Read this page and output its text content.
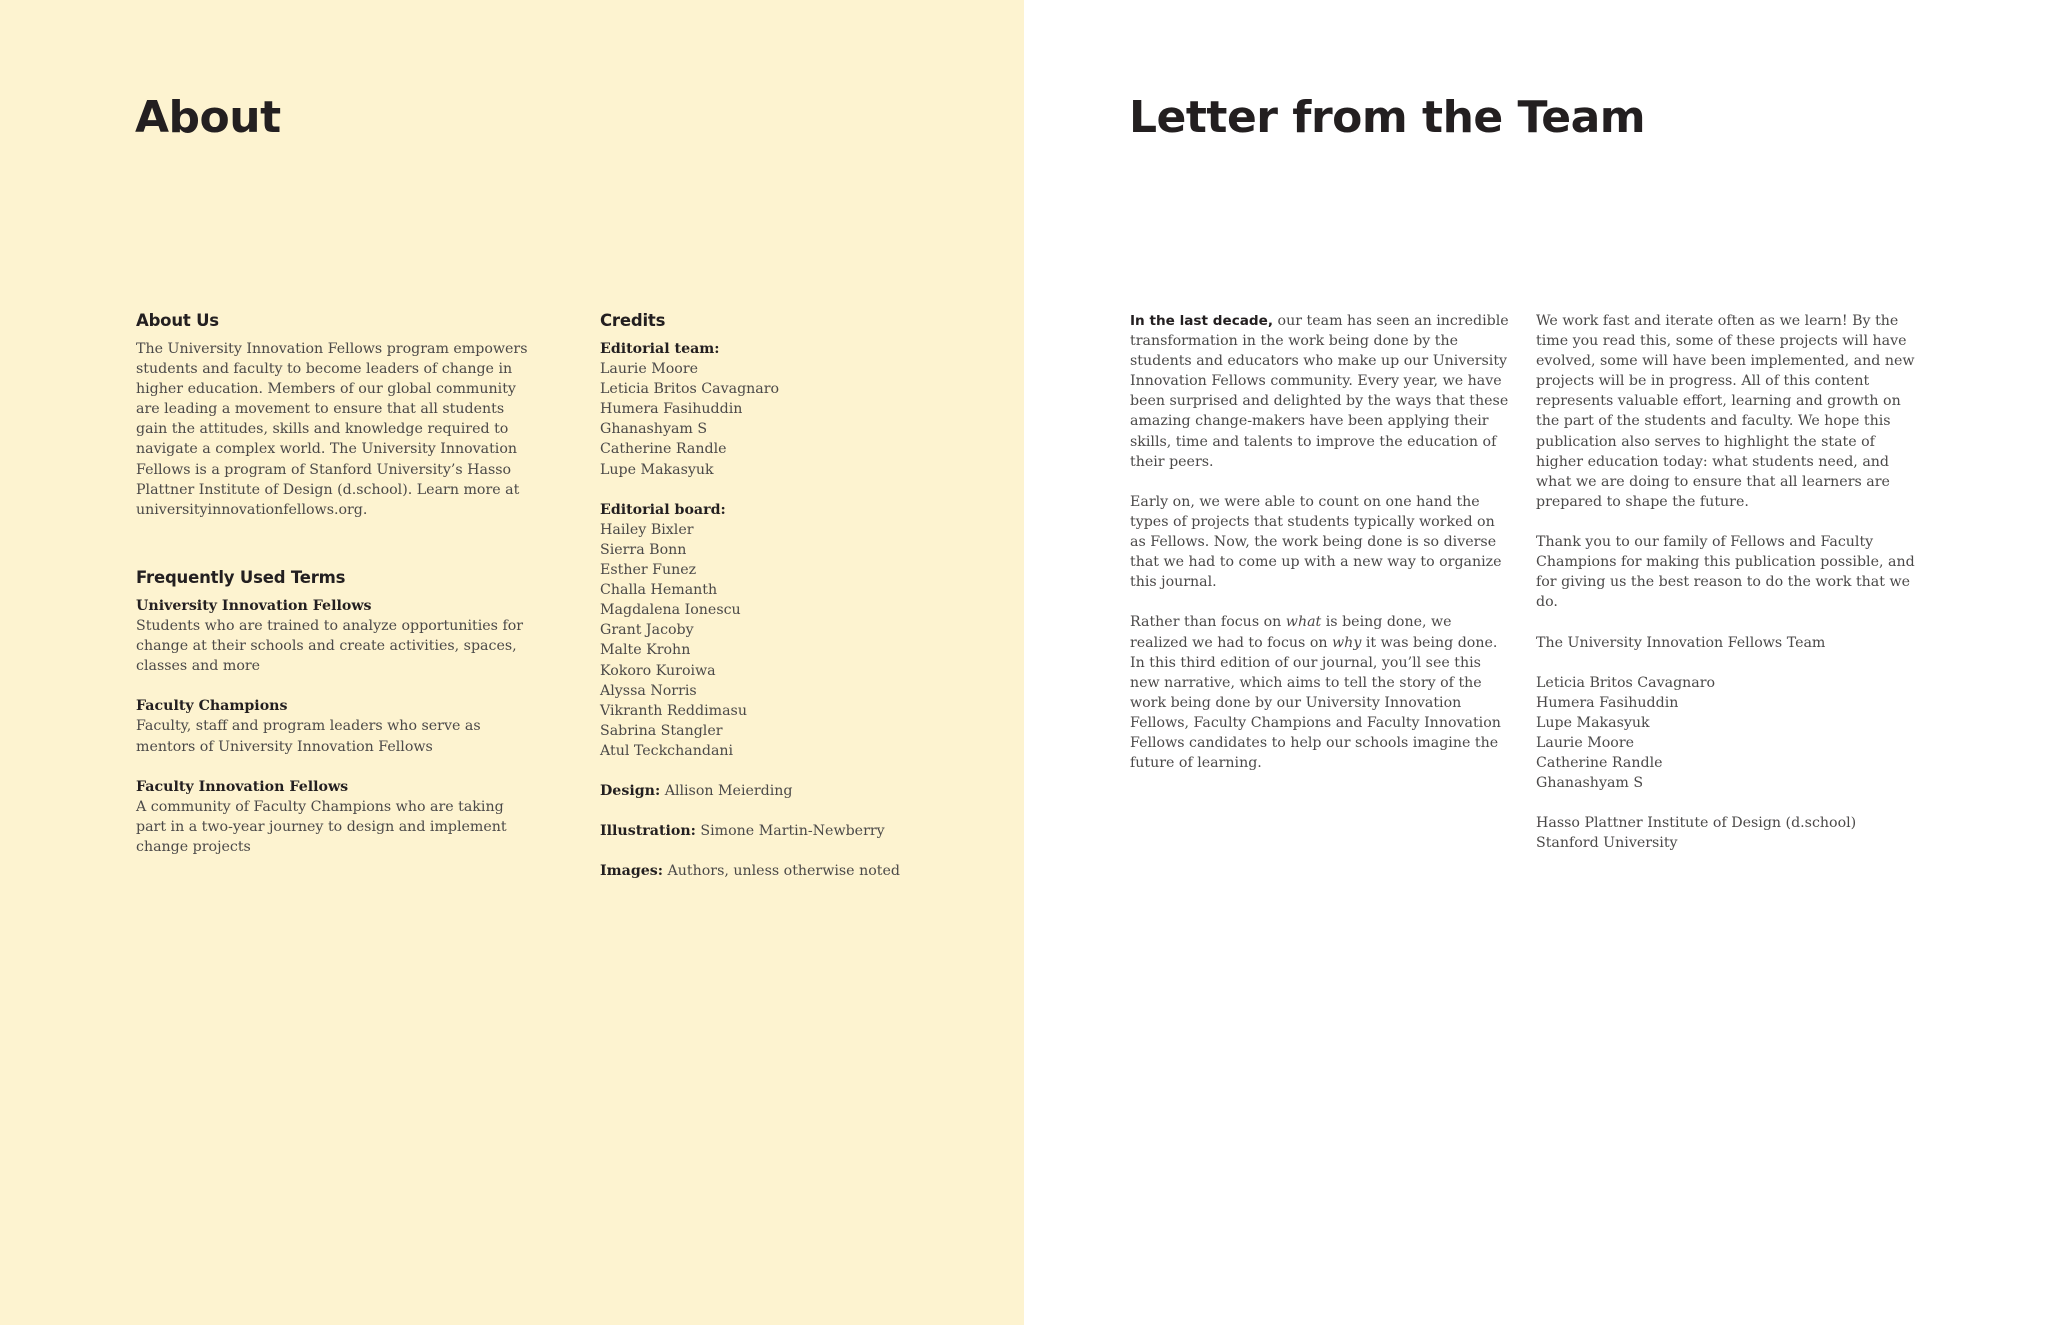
About
About Us

The University Innovation Fellows program empowers students and faculty to become leaders of change in higher education. Members of our global community are leading a movement to ensure that all students gain the attitudes, skills and knowledge required to navigate a complex world. The University Innovation Fellows is a program of Stanford University’s Hasso Plattner Institute of Design (d.school). Learn more at universityinnovationfellows.org.

Frequently Used Terms
University Innovation Fellows
Students who are trained to analyze opportunities for change at their schools and create activities, spaces, classes and more
Faculty Champions
Faculty, staff and program leaders who serve as mentors of University Innovation Fellows
Faculty Innovation Fellows
A community of Faculty Champions who are taking part in a two-year journey to design and implement change projects
Credits
Editorial team:
Laurie Moore
Leticia Britos Cavagnaro
Humera Fasihuddin
Ghanashyam S
Catherine Randle
Lupe Makasyuk
Editorial board:
Hailey Bixler
Sierra Bonn
Esther Funez
Challa Hemanth
Magdalena Ionescu
Grant Jacoby
Malte Krohn
Kokoro Kuroiwa
Alyssa Norris
Vikranth Reddimasu
Sabrina Stangler
Atul Teckchandani
Design: Allison Meierding
Illustration: Simone Martin-Newberry
Images: Authors, unless otherwise noted
Letter from the Team

In the last decade, our team has seen an incredible transformation in the work being done by the students and educators who make up our University Innovation Fellows community. Every year, we have been surprised and delighted by the ways that these amazing change-makers have been applying their skills, time and talents to improve the education of their peers.

Early on, we were able to count on one hand the types of projects that students typically worked on as Fellows. Now, the work being done is so diverse that we had to come up with a new way to organize this journal.

Rather than focus on what is being done, we realized we had to focus on why it was being done. In this third edition of our journal, you’ll see this new narrative, which aims to tell the story of the work being done by our University Innovation Fellows, Faculty Champions and Faculty Innovation Fellows candidates to help our schools imagine the future of learning.

We work fast and iterate often as we learn! By the time you read this, some of these projects will have evolved, some will have been implemented, and new projects will be in progress. All of this content represents valuable effort, learning and growth on the part of the students and faculty. We hope this publication also serves to highlight the state of higher education today: what students need, and what we are doing to ensure that all learners are prepared to shape the future.

Thank you to our family of Fellows and Faculty Champions for making this publication possible, and for giving us the best reason to do the work that we do.

The University Innovation Fellows Team

Leticia Britos Cavagnaro
Humera Fasihuddin
Lupe Makasyuk
Laurie Moore
Catherine Randle
Ghanashyam S
Hasso Plattner Institute of Design (d.school)
Stanford University
